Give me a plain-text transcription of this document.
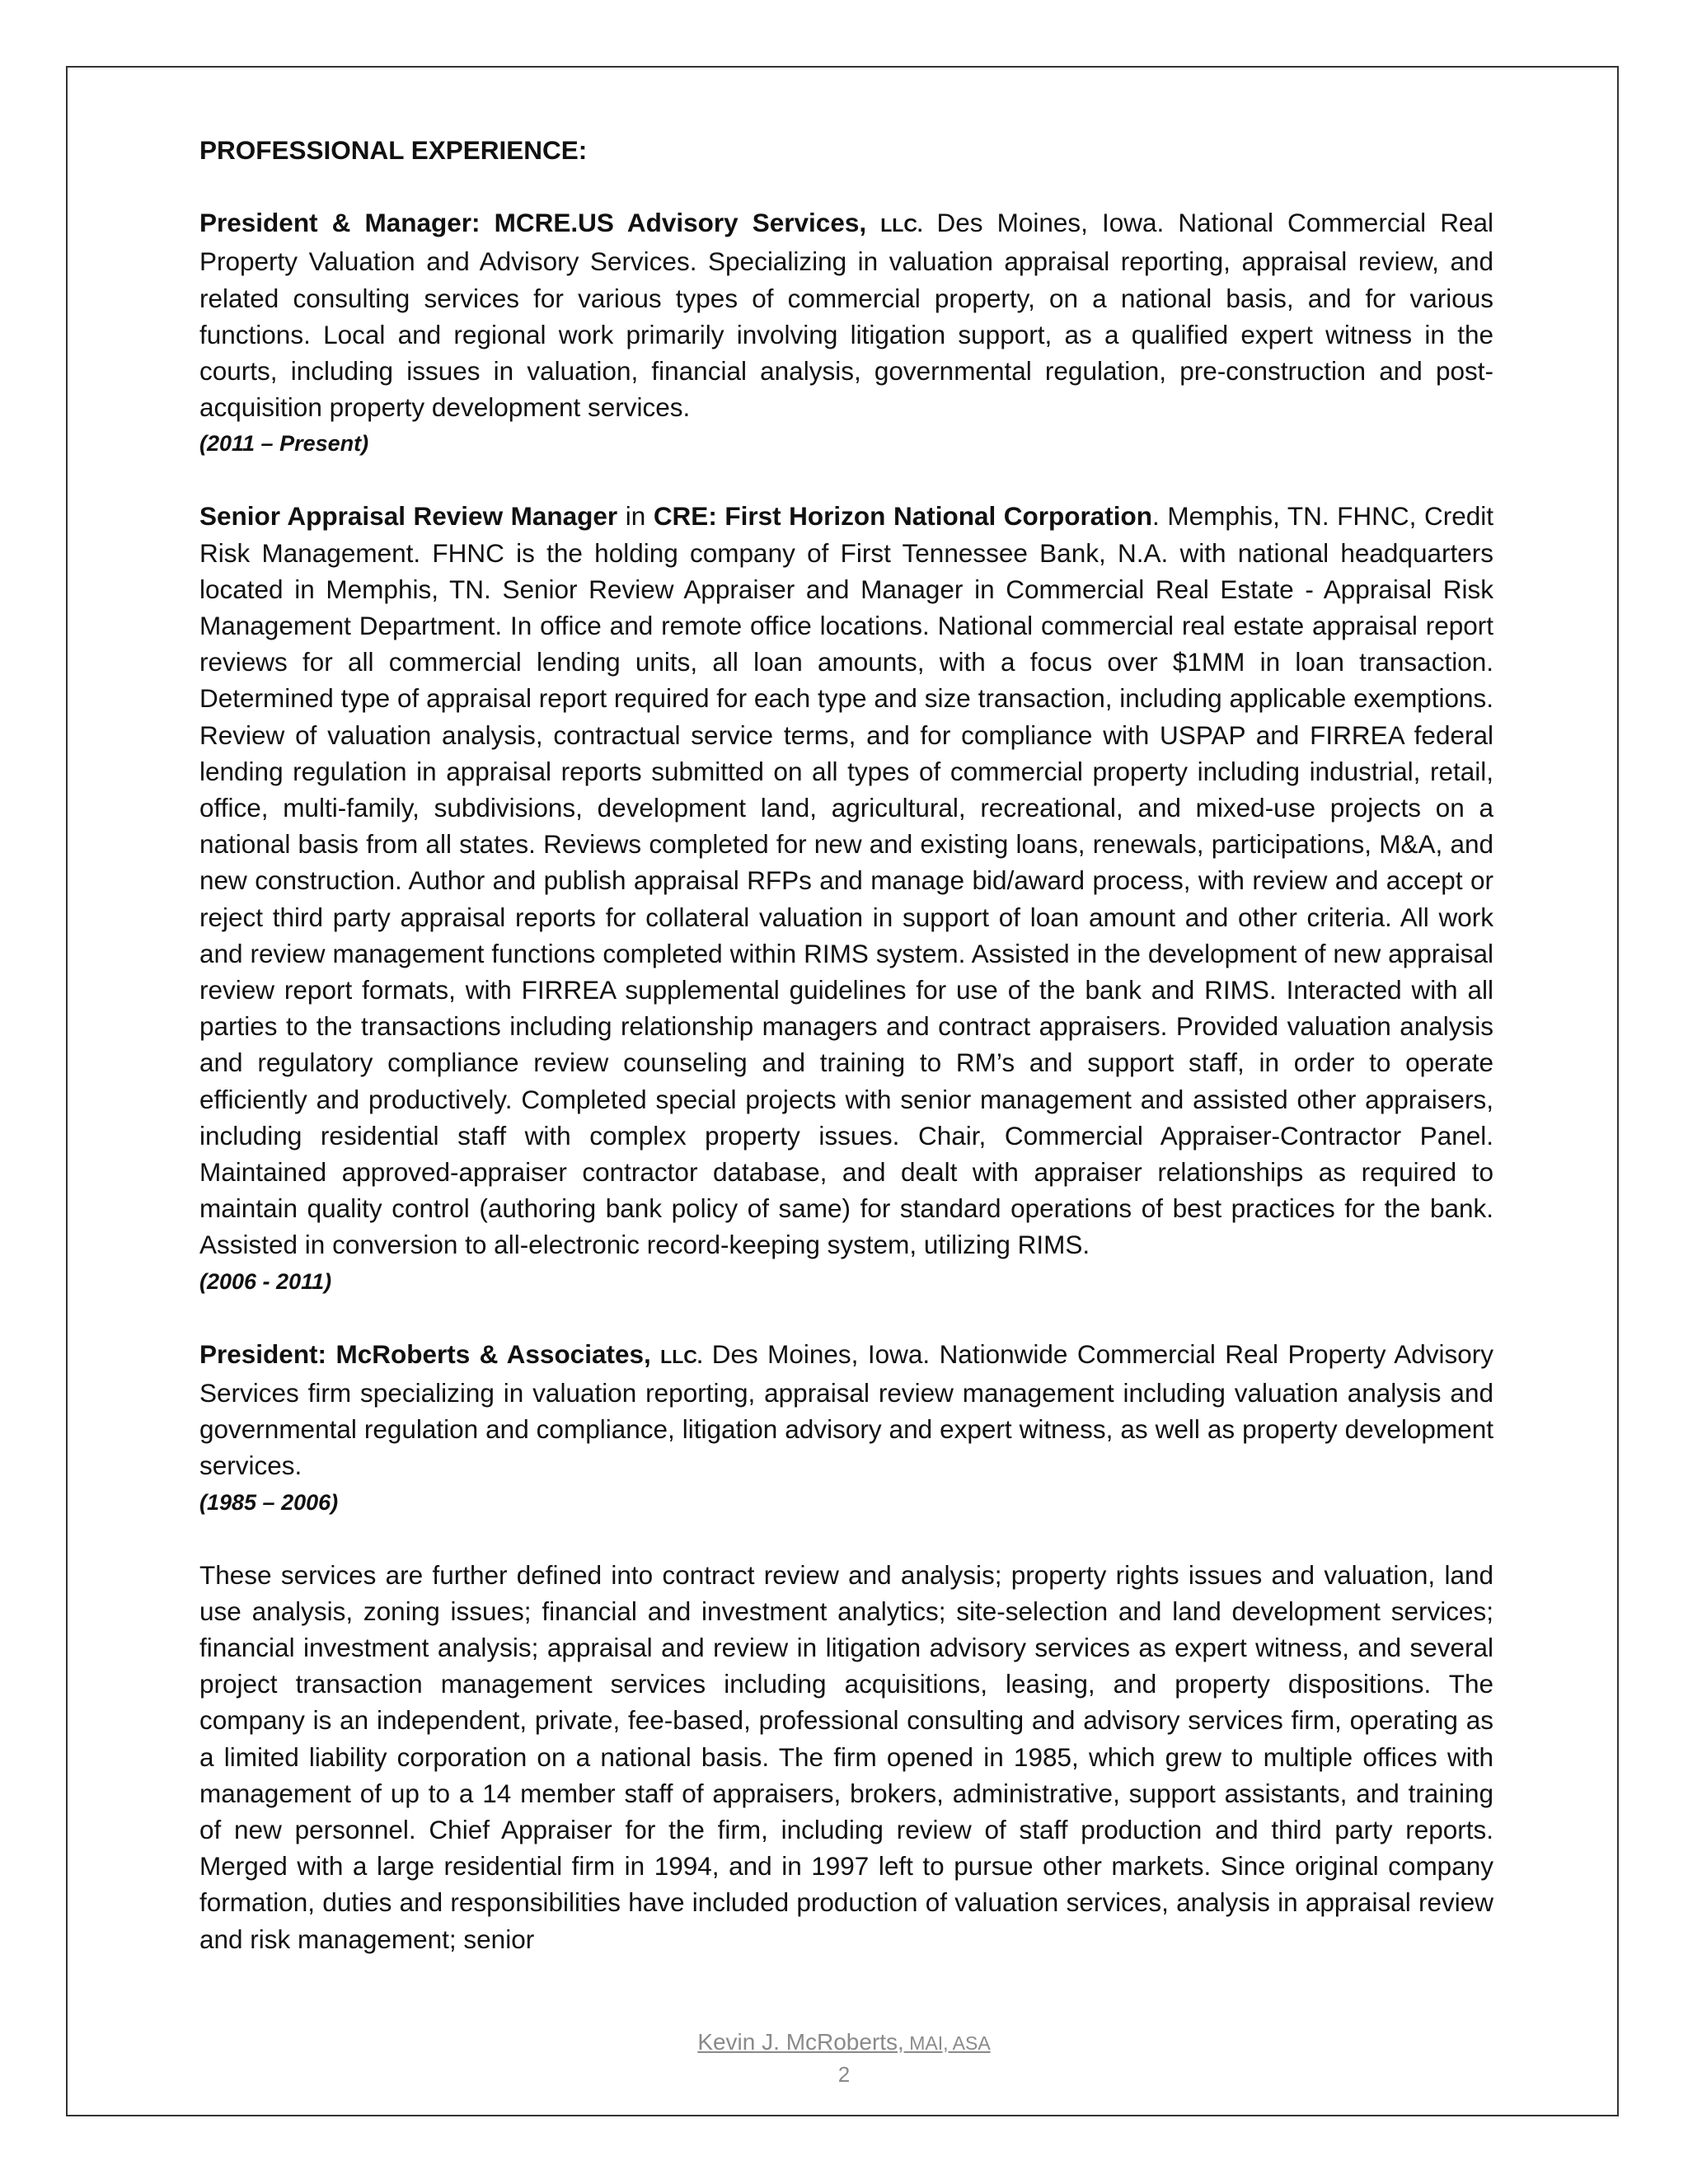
PROFESSIONAL EXPERIENCE:

President & Manager: MCRE.US Advisory Services, LLC. Des Moines, Iowa. National Commercial Real Property Valuation and Advisory Services. Specializing in valuation appraisal reporting, appraisal review, and related consulting services for various types of commercial property, on a national basis, and for various functions. Local and regional work primarily involving litigation support, as a qualified expert witness in the courts, including issues in valuation, financial analysis, governmental regulation, pre-construction and post-acquisition property development services.

(2011 – Present)

Senior Appraisal Review Manager in CRE: First Horizon National Corporation. Memphis, TN. FHNC, Credit Risk Management. FHNC is the holding company of First Tennessee Bank, N.A. with national headquarters located in Memphis, TN. Senior Review Appraiser and Manager in Commercial Real Estate - Appraisal Risk Management Department. In office and remote office locations. National commercial real estate appraisal report reviews for all commercial lending units, all loan amounts, with a focus over $1MM in loan transaction. Determined type of appraisal report required for each type and size transaction, including applicable exemptions. Review of valuation analysis, contractual service terms, and for compliance with USPAP and FIRREA federal lending regulation in appraisal reports submitted on all types of commercial property including industrial, retail, office, multi-family, subdivisions, development land, agricultural, recreational, and mixed-use projects on a national basis from all states. Reviews completed for new and existing loans, renewals, participations, M&A, and new construction. Author and publish appraisal RFPs and manage bid/award process, with review and accept or reject third party appraisal reports for collateral valuation in support of loan amount and other criteria. All work and review management functions completed within RIMS system. Assisted in the development of new appraisal review report formats, with FIRREA supplemental guidelines for use of the bank and RIMS. Interacted with all parties to the transactions including relationship managers and contract appraisers. Provided valuation analysis and regulatory compliance review counseling and training to RM’s and support staff, in order to operate efficiently and productively. Completed special projects with senior management and assisted other appraisers, including residential staff with complex property issues. Chair, Commercial Appraiser-Contractor Panel. Maintained approved-appraiser contractor database, and dealt with appraiser relationships as required to maintain quality control (authoring bank policy of same) for standard operations of best practices for the bank. Assisted in conversion to all-electronic record-keeping system, utilizing RIMS.

(2006 - 2011)

President: McRoberts & Associates, LLC. Des Moines, Iowa. Nationwide Commercial Real Property Advisory Services firm specializing in valuation reporting, appraisal review management including valuation analysis and governmental regulation and compliance, litigation advisory and expert witness, as well as property development services.

(1985 – 2006)

These services are further defined into contract review and analysis; property rights issues and valuation, land use analysis, zoning issues; financial and investment analytics; site-selection and land development services; financial investment analysis; appraisal and review in litigation advisory services as expert witness, and several project transaction management services including acquisitions, leasing, and property dispositions. The company is an independent, private, fee-based, professional consulting and advisory services firm, operating as a limited liability corporation on a national basis. The firm opened in 1985, which grew to multiple offices with management of up to a 14 member staff of appraisers, brokers, administrative, support assistants, and training of new personnel. Chief Appraiser for the firm, including review of staff production and third party reports. Merged with a large residential firm in 1994, and in 1997 left to pursue other markets. Since original company formation, duties and responsibilities have included production of valuation services, analysis in appraisal review and risk management; senior

Kevin J. McRoberts, MAI, ASA
2
